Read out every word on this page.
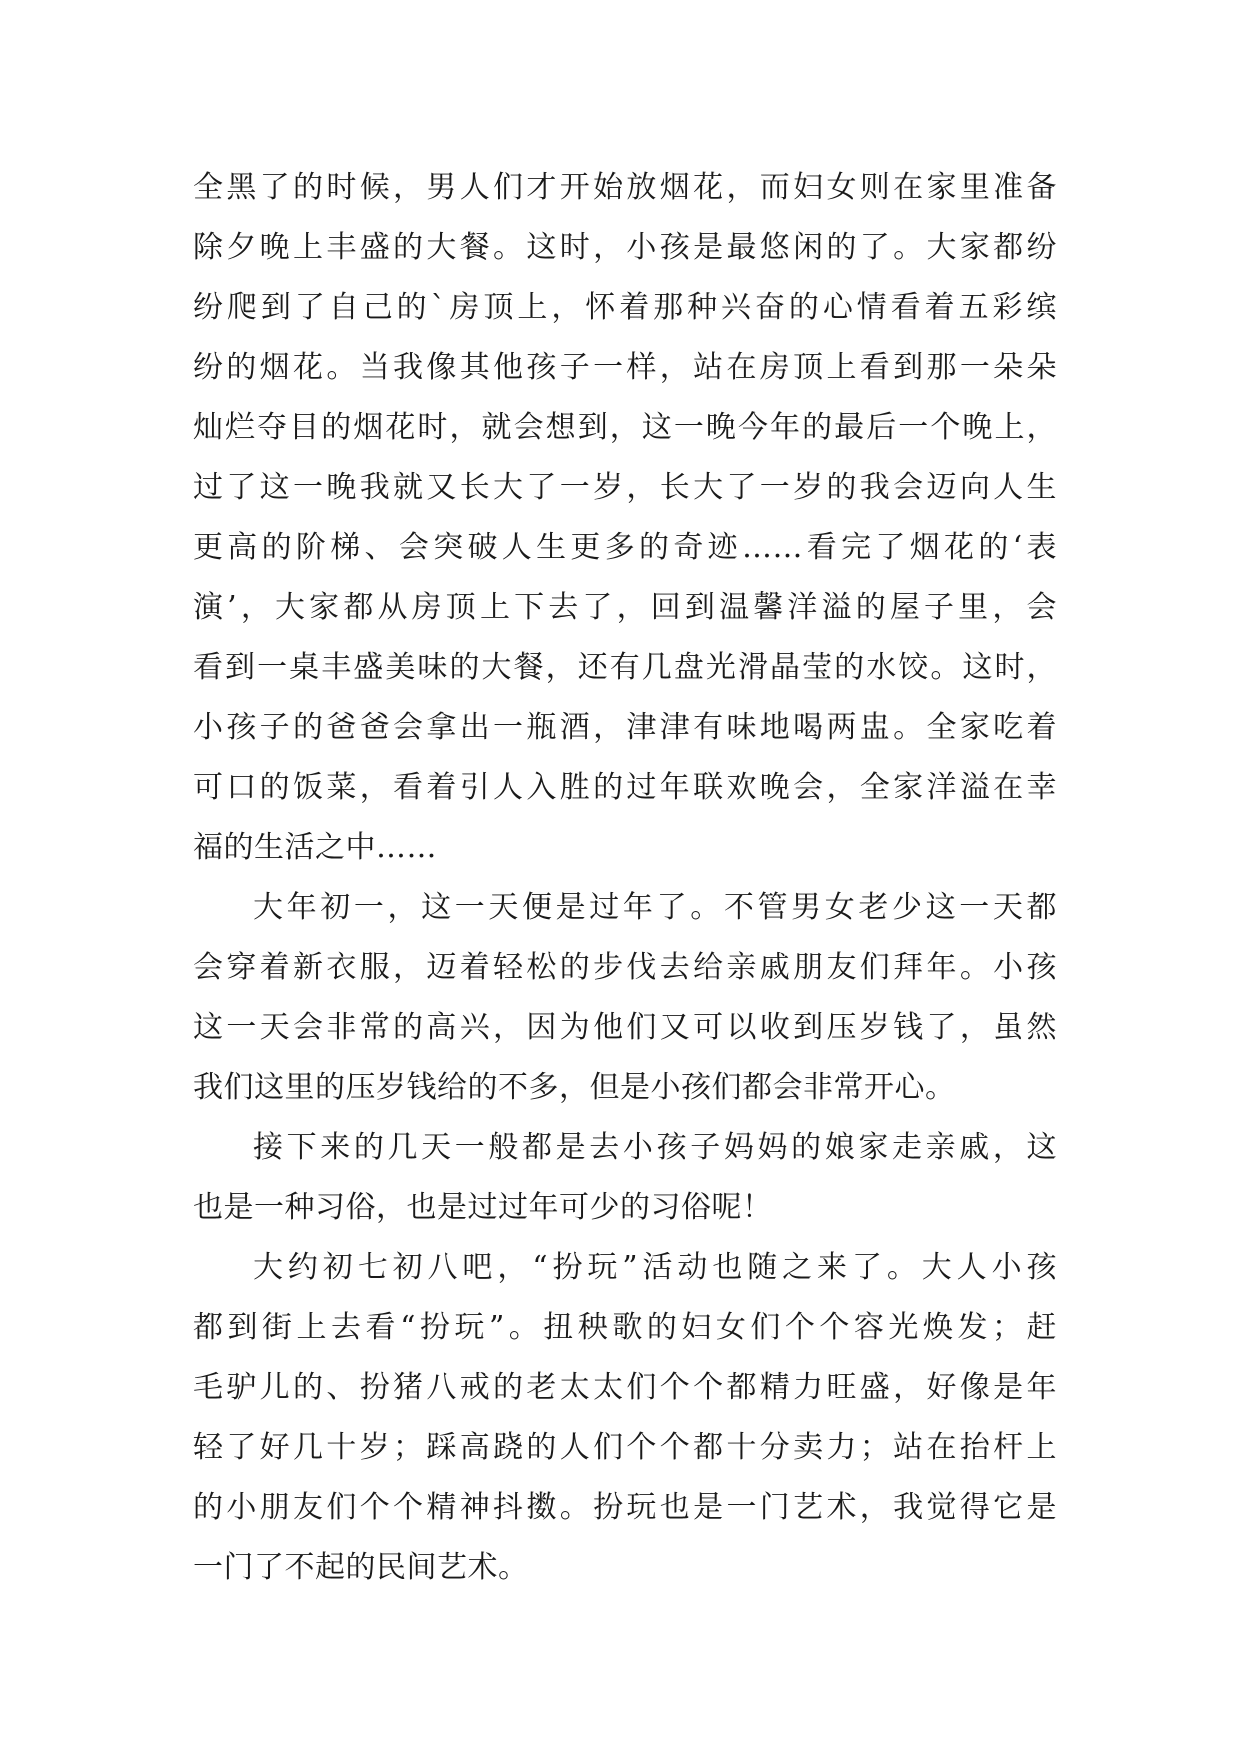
全黑了的时候，男人们才开始放烟花，而妇女则在家里准备
除夕晚上丰盛的大餐。这时，小孩是最悠闲的了。大家都纷
纷爬到了自己的`房顶上，怀着那种兴奋的心情看着五彩缤
纷的烟花。当我像其他孩子一样，站在房顶上看到那一朵朵
灿烂夺目的烟花时，就会想到，这一晚今年的最后一个晚上，
过了这一晚我就又长大了一岁，长大了一岁的我会迈向人生
更高的阶梯、会突破人生更多的奇迹……看完了烟花的‘表
演’，大家都从房顶上下去了，回到温馨洋溢的屋子里，会
看到一桌丰盛美味的大餐，还有几盘光滑晶莹的水饺。这时，
小孩子的爸爸会拿出一瓶酒，津津有味地喝两盅。全家吃着
可口的饭菜，看着引人入胜的过年联欢晚会，全家洋溢在幸
福的生活之中……
大年初一，这一天便是过年了。不管男女老少这一天都
会穿着新衣服，迈着轻松的步伐去给亲戚朋友们拜年。小孩
这一天会非常的高兴，因为他们又可以收到压岁钱了，虽然
我们这里的压岁钱给的不多，但是小孩们都会非常开心。
接下来的几天一般都是去小孩子妈妈的娘家走亲戚，这
也是一种习俗，也是过过年可少的习俗呢！
大约初七初八吧，“扮玩”活动也随之来了。大人小孩
都到街上去看“扮玩”。扭秧歌的妇女们个个容光焕发；赶
毛驴儿的、扮猪八戒的老太太们个个都精力旺盛，好像是年
轻了好几十岁；踩高跷的人们个个都十分卖力；站在抬杆上
的小朋友们个个精神抖擞。扮玩也是一门艺术，我觉得它是
一门了不起的民间艺术。
